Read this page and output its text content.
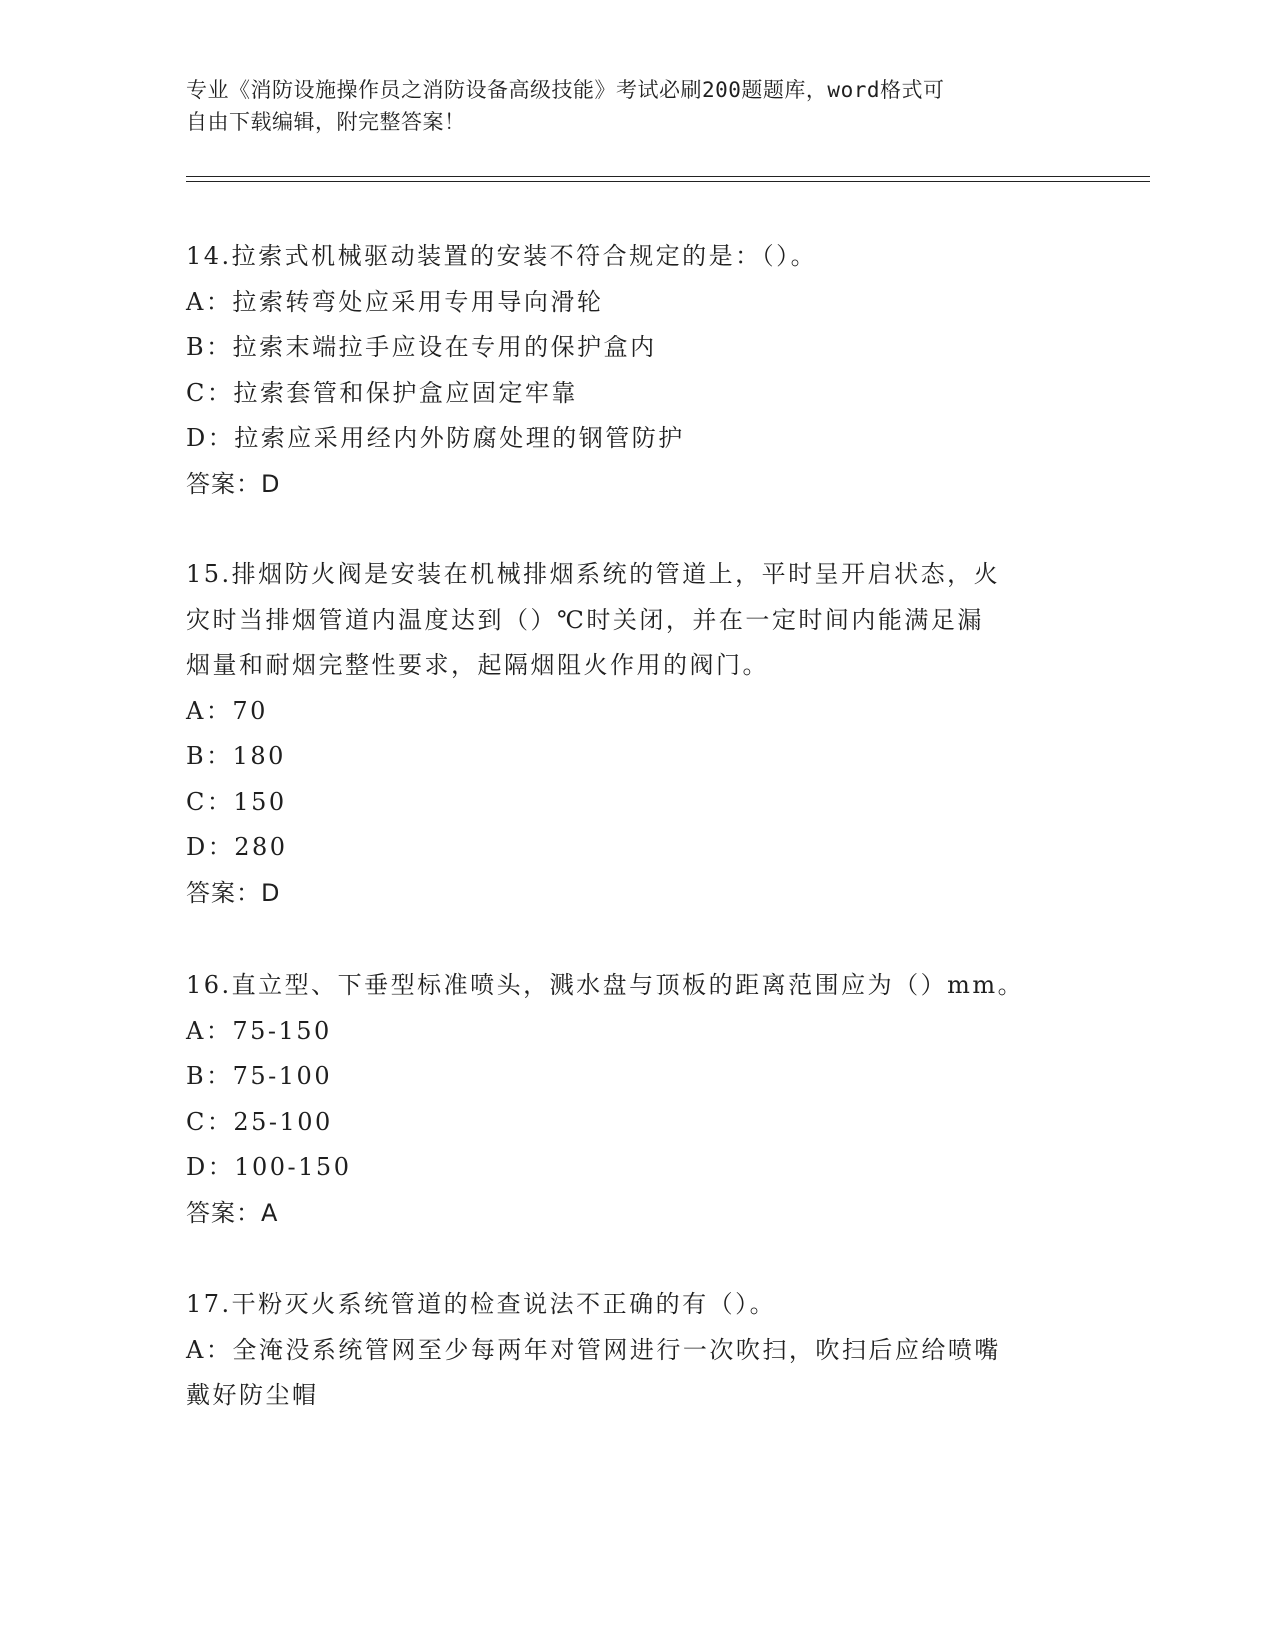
专业《消防设施操作员之消防设备高级技能》考试必刷200题题库，word格式可
自由下载编辑，附完整答案！
14.拉索式机械驱动装置的安装不符合规定的是：（）。
A：拉索转弯处应采用专用导向滑轮
B：拉索末端拉手应设在专用的保护盒内
C：拉索套管和保护盒应固定牢靠
D：拉索应采用经内外防腐处理的钢管防护
答案：D
15.排烟防火阀是安装在机械排烟系统的管道上，平时呈开启状态，火
灾时当排烟管道内温度达到（）℃时关闭，并在一定时间内能满足漏
烟量和耐烟完整性要求，起隔烟阻火作用的阀门。
A：70
B：180
C：150
D：280
答案：D
16.直立型、下垂型标准喷头，溅水盘与顶板的距离范围应为（）mm。
A：75-150
B：75-100
C：25-100
D：100-150
答案：A
17.干粉灭火系统管道的检查说法不正确的有（）。
A：全淹没系统管网至少每两年对管网进行一次吹扫，吹扫后应给喷嘴
戴好防尘帽
